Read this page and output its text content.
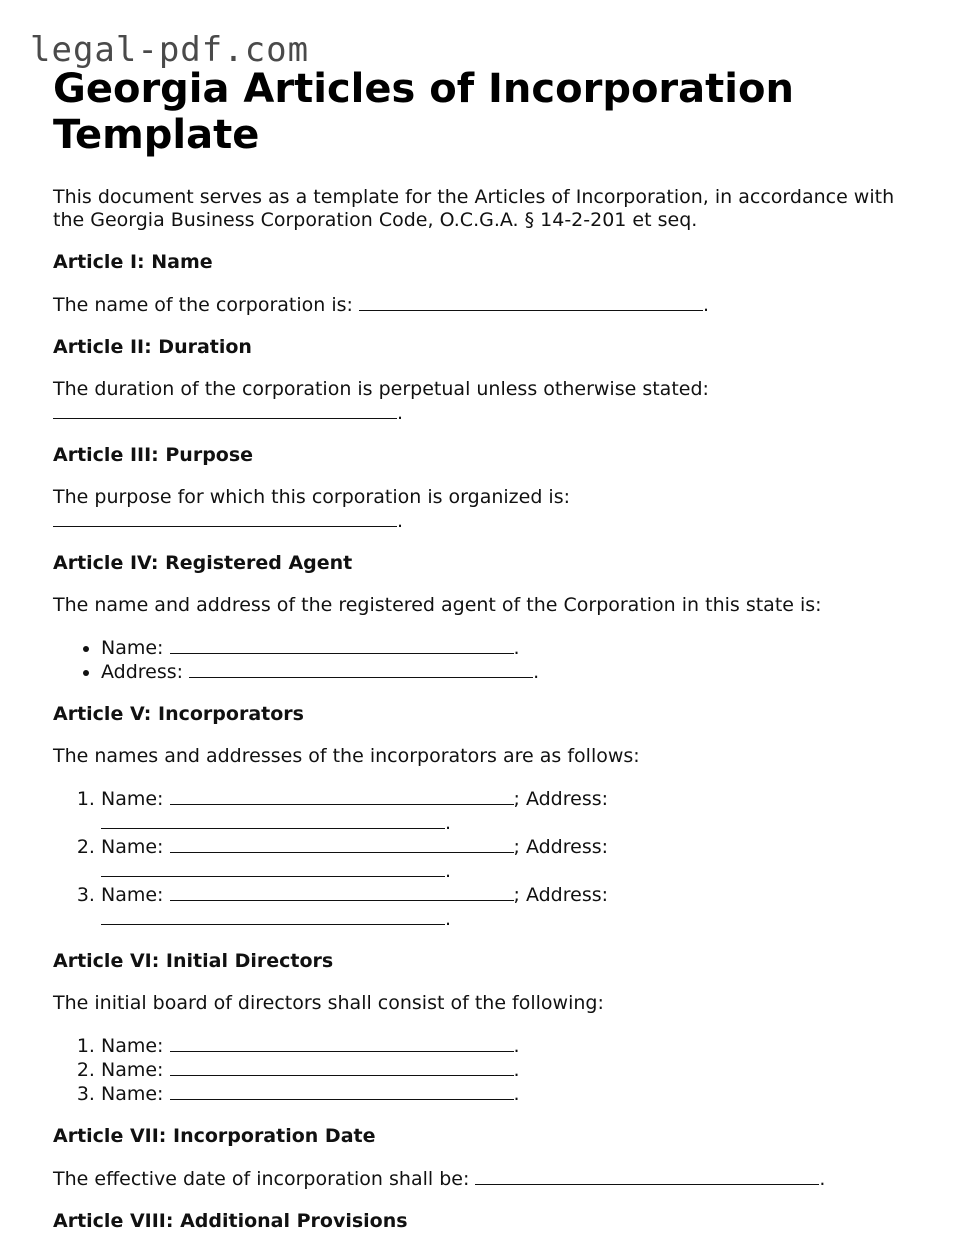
legal-pdf.com
Georgia Articles of Incorporation Template

This document serves as a template for the Articles of Incorporation, in accordance with the Georgia Business Corporation Code, O.C.G.A. § 14-2-201 et seq.

Article I: Name

The name of the corporation is:	.

Article II: Duration

The duration of the corporation is perpetual unless otherwise stated:
.

Article III: Purpose

The purpose for which this corporation is organized is:
.

Article IV: Registered Agent

The name and address of the registered agent of the Corporation in this state is:

• Name:	.
• Address:	.
Article V: Incorporators

The names and addresses of the incorporators are as follows:

1. Name:	; Address:
.
2. Name:	; Address:
.
3. Name:	; Address:
.
Article VI: Initial Directors

The initial board of directors shall consist of the following:

1. Name:	.
2. Name:	.
3. Name:	.
Article VII: Incorporation Date

The effective date of incorporation shall be:	.

Article VIII: Additional Provisions
